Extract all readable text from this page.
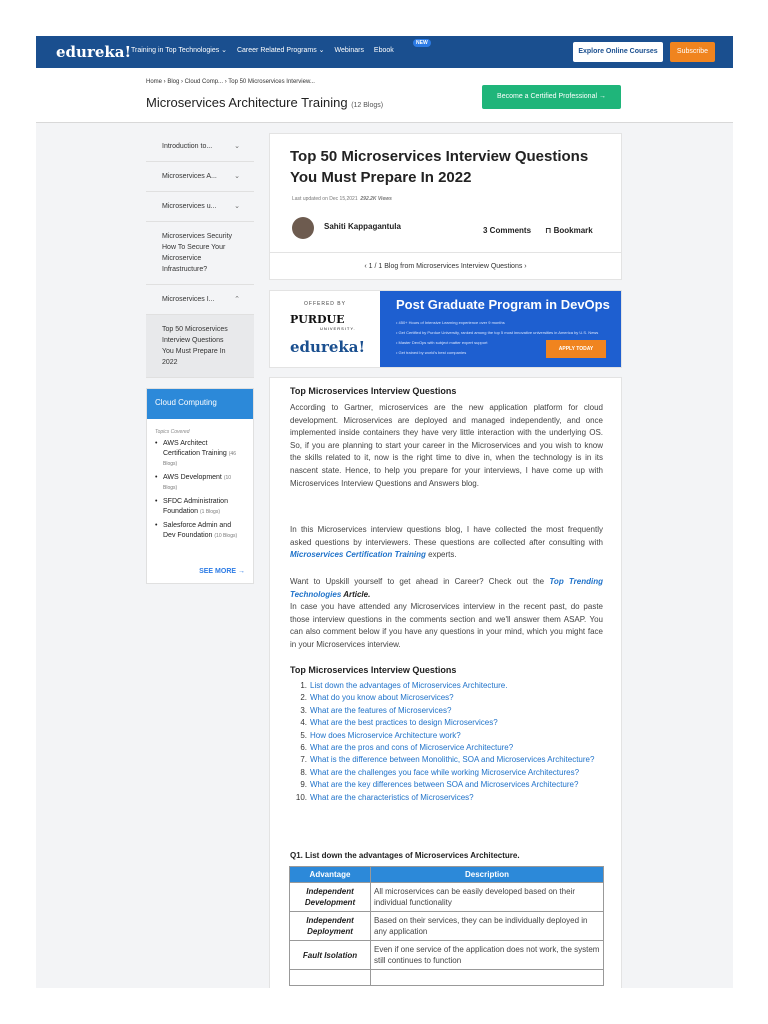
edureka! Training in Top Technologies ⌄ Career Related Programs ⌄ Webinars Ebook
NEW
Explore Online Courses	Subscribe
Home › Blog › Cloud Comp... › Top 50 Microservices Interview...
Microservices Architecture Training (12 Blogs)
Become a Certified Professional →
Introduction to...	⌄
Microservices A... ⌄
Microservices u...	⌄
Microservices Security How To Secure Your Microservice Infrastructure?
Microservices I...	⌃
Top 50 Microservices Interview Questions You Must Prepare In 2022
Cloud Computing
Topics Covered
• AWS Architect Certification Training (46 Blogs)
• AWS Development (10 Blogs)
• SFDC Administration Foundation (1 Blogs)
• Salesforce Admin and Dev Foundation (10 Blogs)
SEE MORE →
Top 50 Microservices Interview Questions You Must Prepare In 2022
Last updated on Dec 15,2021 292.2K Views
Sahiti Kappagantula	3 Comments ⊓ Bookmark
‹ 1 / 1 Blog from Microservices Interview Questions ›
OFFERED BY
PURDUE
UNIVERSITY.
edureka!
Post Graduate Program in DevOps
• 450+ Hours of Intensive Learning experience over 9 months
• Get Certified by Purdue University, ranked among the top 5 most innovative universities in America by U.S. News
• Master DevOps with subject matter expert support
• Get trained by world's best companies
APPLY TODAY
Top Microservices Interview Questions
According to Gartner, microservices are the new application platform for cloud development. Microservices are deployed and managed independently, and once implemented inside containers they have very little interaction with the underlying OS. So, if you are planning to start your career in the Microservices and you wish to know the skills related to it, now is the right time to dive in, when the technology is in its nascent state. Hence, to help you prepare for your interviews, I have come up with Microservices Interview Questions and Answers blog.
In this Microservices interview questions blog, I have collected the most frequently asked questions by interviewers. These questions are collected after consulting with Microservices Certification Training experts.
Want to Upskill yourself to get ahead in Career? Check out the Top Trending Technologies Article.
In case you have attended any Microservices interview in the recent past, do paste those interview questions in the comments section and we'll answer them ASAP. You can also comment below if you have any questions in your mind, which you might face in your Microservices interview.
Top Microservices Interview Questions
1. List down the advantages of Microservices Architecture.
2. What do you know about Microservices?
3. What are the features of Microservices?
4. What are the best practices to design Microservices?
5. How does Microservice Architecture work?
6. What are the pros and cons of Microservice Architecture?
7. What is the difference between Monolithic, SOA and Microservices Architecture?
8. What are the challenges you face while working Microservice Architectures?
9. What are the key differences between SOA and Microservices Architecture?
10. What are the characteristics of Microservices?
Q1. List down the advantages of Microservices Architecture.
Advantage	Description
Independent Development	All microservices can be easily developed based on their individual functionality
Independent Deployment	Based on their services, they can be individually deployed in any application
Fault Isolation	Even if one service of the application does not work, the system still continues to function
